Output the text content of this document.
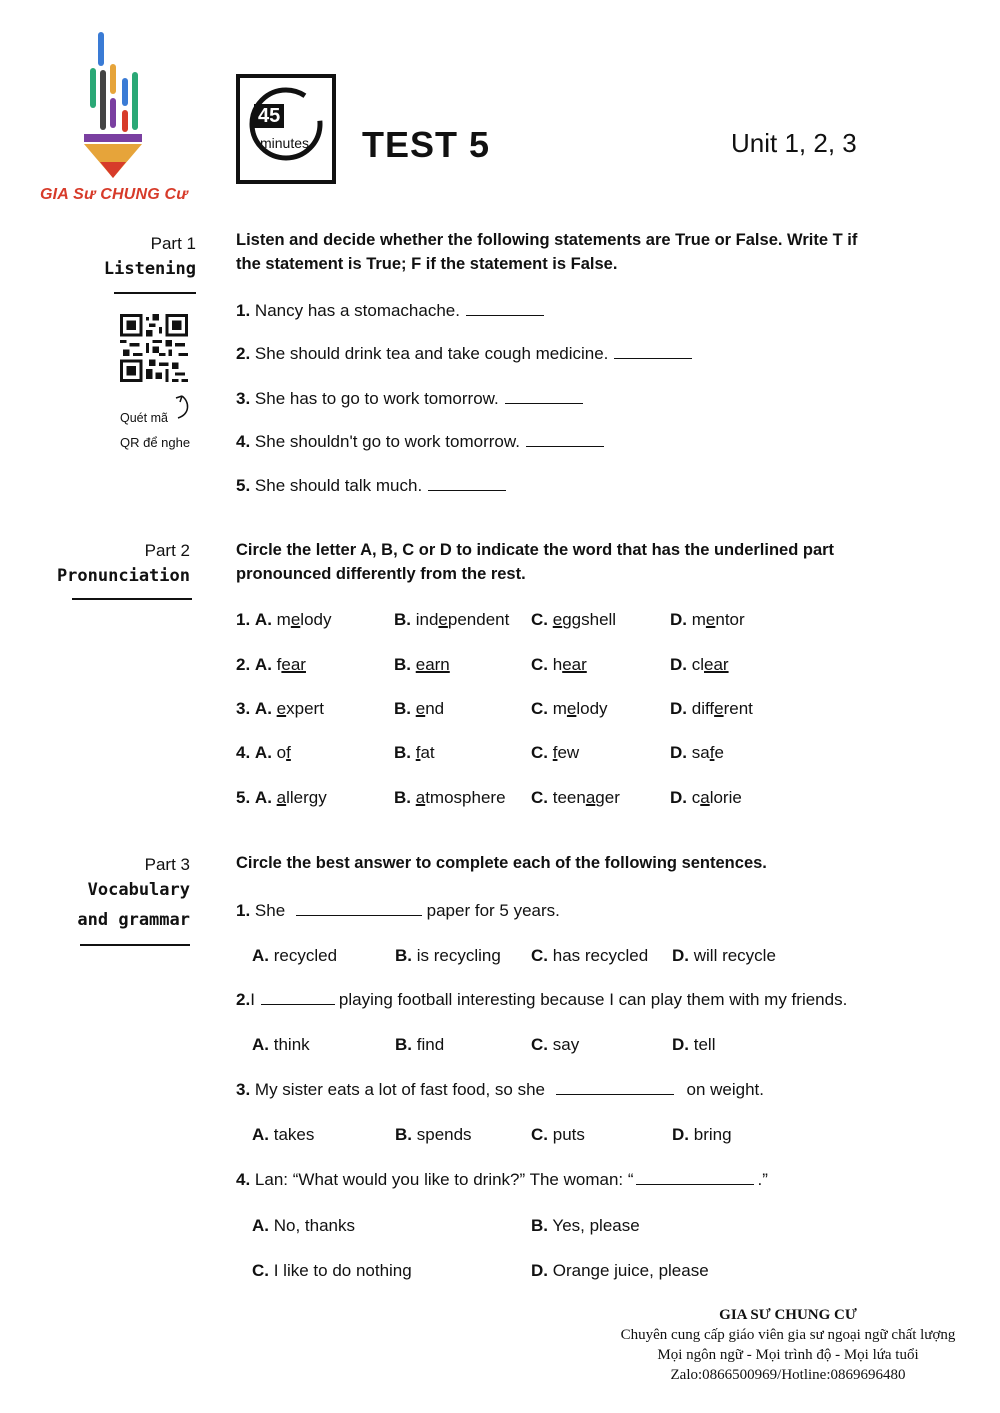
GIA Sư CHUNG Cư
45
minutes TEST 5	Unit 1, 2, 3
Part 1
Listening
Quét mã
QR để nghe
Listen and decide whether the following statements are True or False. Write T if
the statement is True; F if the statement is False.
1. Nancy has a stomachache.
2. She should drink tea and take cough medicine.
3. She has to go to work tomorrow.
4. She shouldn't go to work tomorrow.
5. She should talk much.
Part 2
Pronunciation
Circle the letter A, B, C or D to indicate the word that has the underlined part
pronounced differently from the rest.
1. A. melody	B. independent C. eggshell	D. mentor
2. A. fear	B. earn	C. hear	D. clear
3. A. expert	B. end	C. melody	D. different
4. A. of	B. fat	C. few	D. safe
5. A. allergy	B. atmosphere C. teenager	D. calorie
Part 3
Vocabulary
and grammar
Circle the best answer to complete each of the following sentences.
1. She	paper for 5 years.
A. recycled	B. is recycling C. has recycled D. will recycle
2.I	playing football interesting because I can play them with my friends.
A. think	B. find	C. say	D. tell
3. My sister eats a lot of fast food, so she	on weight.
A. takes	B. spends	C. puts	D. bring
4. Lan: “What would you like to drink?” The woman: “	.”
A. No, thanks	B. Yes, please
C. I like to do nothing	D. Orange juice, please
GIA SƯ CHUNG CƯ
Chuyên cung cấp giáo viên gia sư ngoại ngữ chất lượng
Mọi ngôn ngữ - Mọi trình độ - Mọi lứa tuổi
Zalo:0866500969/Hotline:0869696480
